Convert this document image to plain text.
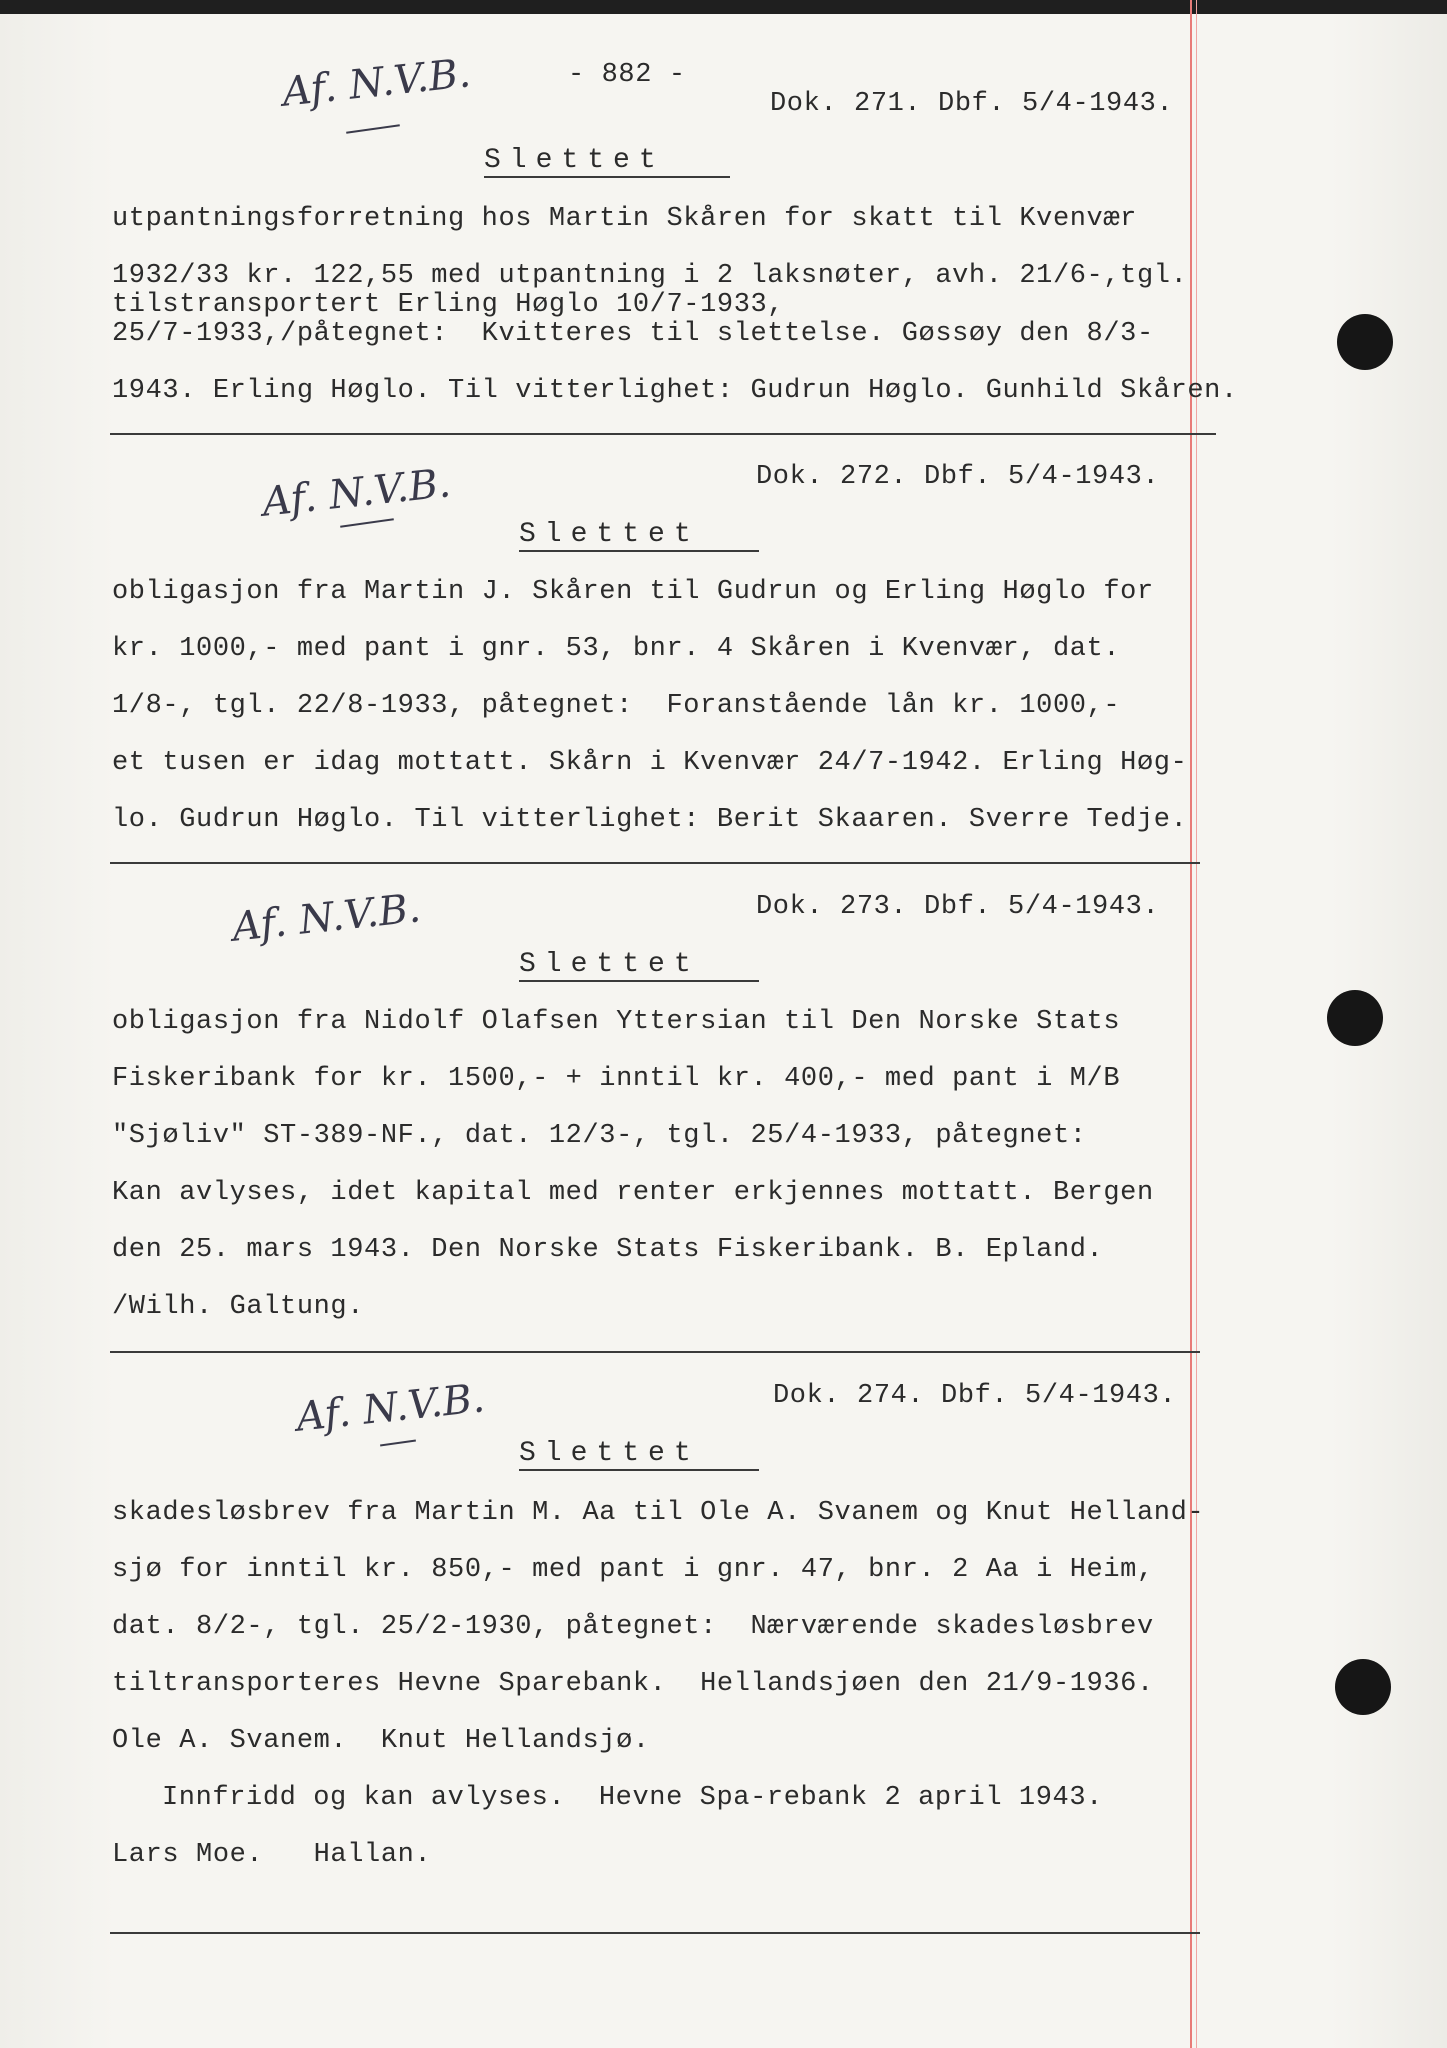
- 882 -
Af. N.V.B.	Dok. 271. Dbf. 5/4-1943.
Slettet
utpantningsforretning hos Martin Skåren for skatt til Kvenvær
1932/33 kr. 122,55 med utpantning i 2 laksnøter, avh. 21/6-,tgl.
tilstransportert Erling Høglo 10/7-1933,
25/7-1933,/påtegnet:  Kvitteres til slettelse. Gøssøy den 8/3-
1943. Erling Høglo. Til vitterlighet: Gudrun Høglo. Gunhild Skåren.
Af. N.V.B.	Dok. 272. Dbf. 5/4-1943.
Slettet
obligasjon fra Martin J. Skåren til Gudrun og Erling Høglo for
kr. 1000,- med pant i gnr. 53, bnr. 4 Skåren i Kvenvær, dat.
1/8-, tgl. 22/8-1933, påtegnet:  Foranstående lån kr. 1000,-
et tusen er idag mottatt. Skårn i Kvenvær 24/7-1942. Erling Høg-
lo. Gudrun Høglo. Til vitterlighet: Berit Skaaren. Sverre Tedje.
Af. N.V.B.	Dok. 273. Dbf. 5/4-1943.
Slettet
obligasjon fra Nidolf Olafsen Yttersian til Den Norske Stats
Fiskeribank for kr. 1500,- + inntil kr. 400,- med pant i M/B
"Sjøliv" ST-389-NF., dat. 12/3-, tgl. 25/4-1933, påtegnet:
Kan avlyses, idet kapital med renter erkjennes mottatt. Bergen
den 25. mars 1943. Den Norske Stats Fiskeribank. B. Epland.
/Wilh. Galtung.
Af. N.V.B.	Dok. 274. Dbf. 5/4-1943.
Slettet
skadesløsbrev fra Martin M. Aa til Ole A. Svanem og Knut Helland-
sjø for inntil kr. 850,- med pant i gnr. 47, bnr. 2 Aa i Heim,
dat. 8/2-, tgl. 25/2-1930, påtegnet:  Nærværende skadesløsbrev
tiltransporteres Hevne Sparebank.  Hellandsjøen den 21/9-1936.
Ole A. Svanem.  Knut Hellandsjø.
Innfridd og kan avlyses.  Hevne Spa-rebank 2 april 1943.
Lars Moe.   Hallan.
